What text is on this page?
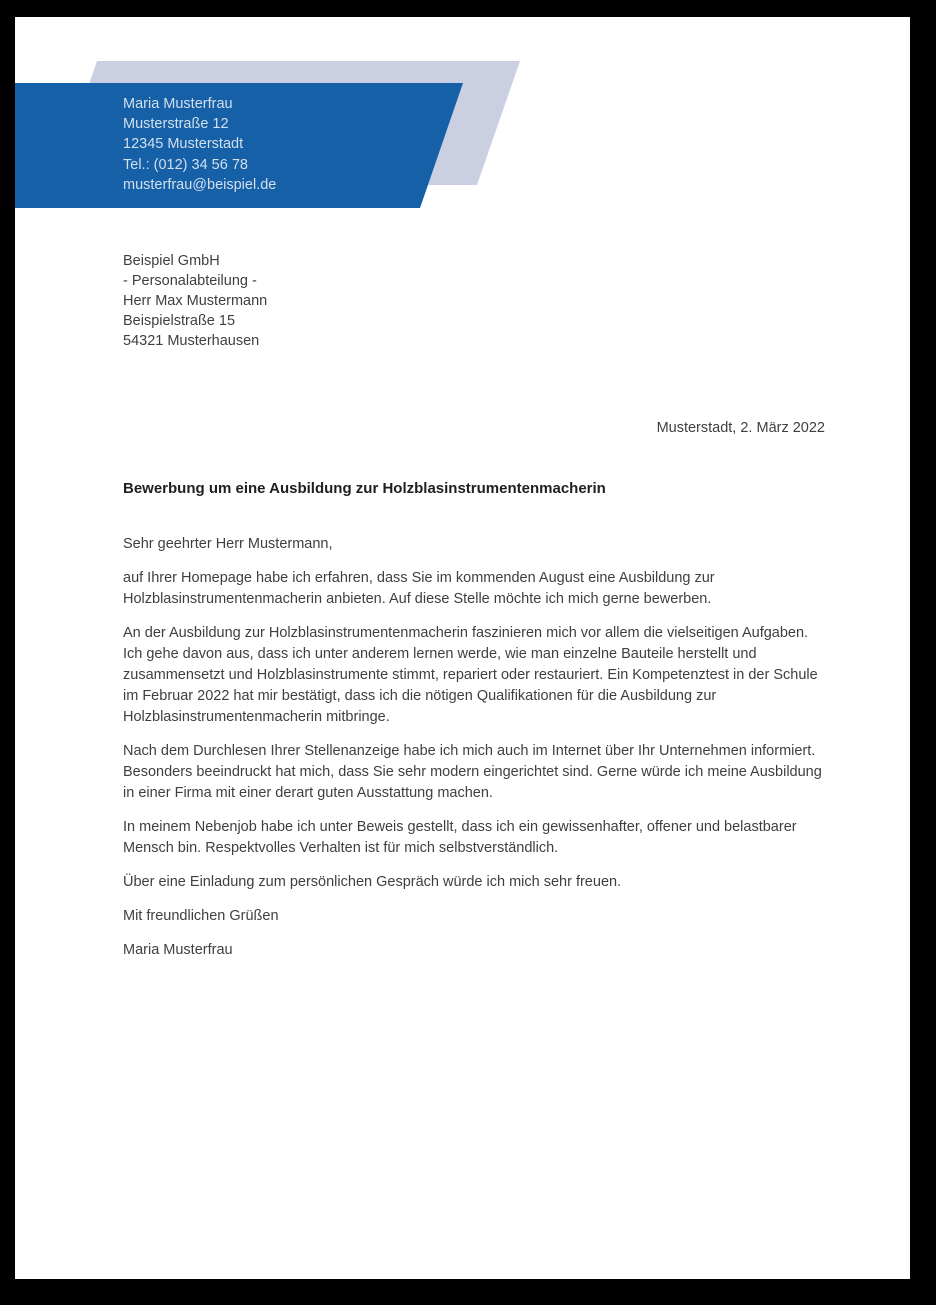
Maria Musterfrau
Musterstraße 12
12345 Musterstadt
Tel.: (012) 34 56 78
musterfrau@beispiel.de
Beispiel GmbH
- Personalabteilung -
Herr Max Mustermann
Beispielstraße 15
54321 Musterhausen
Musterstadt, 2. März 2022
Bewerbung um eine Ausbildung zur Holzblasinstrumentenmacherin

Sehr geehrter Herr Mustermann,

auf Ihrer Homepage habe ich erfahren, dass Sie im kommenden August eine Ausbildung zur Holzblasinstrumentenmacherin anbieten. Auf diese Stelle möchte ich mich gerne bewerben.

An der Ausbildung zur Holzblasinstrumentenmacherin faszinieren mich vor allem die vielseitigen Aufgaben. Ich gehe davon aus, dass ich unter anderem lernen werde, wie man einzelne Bauteile herstellt und zusammensetzt und Holzblasinstrumente stimmt, repariert oder restauriert. Ein Kompetenztest in der Schule im Februar 2022 hat mir bestätigt, dass ich die nötigen Qualifikationen für die Ausbildung zur Holzblasinstrumentenmacherin mitbringe.

Nach dem Durchlesen Ihrer Stellenanzeige habe ich mich auch im Internet über Ihr Unternehmen informiert. Besonders beeindruckt hat mich, dass Sie sehr modern eingerichtet sind. Gerne würde ich meine Ausbildung in einer Firma mit einer derart guten Ausstattung machen.

In meinem Nebenjob habe ich unter Beweis gestellt, dass ich ein gewissenhafter, offener und belastbarer Mensch bin. Respektvolles Verhalten ist für mich selbstverständlich.

Über eine Einladung zum persönlichen Gespräch würde ich mich sehr freuen.

Mit freundlichen Grüßen

Maria Musterfrau
